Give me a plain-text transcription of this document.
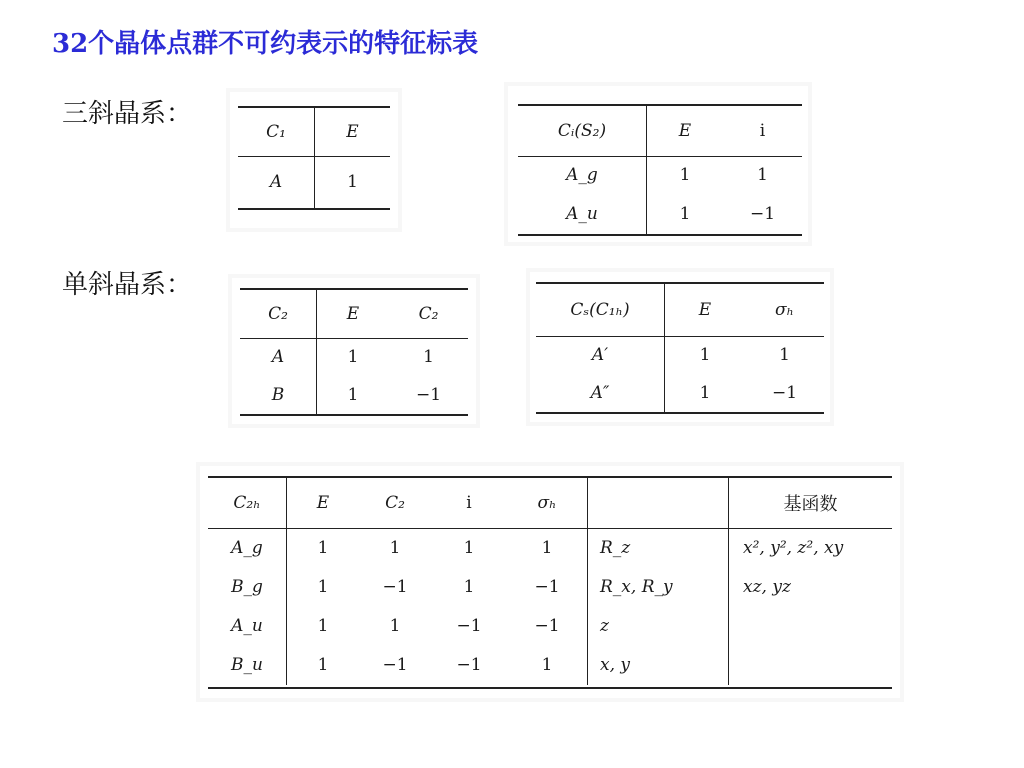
32个晶体点群不可约表示的特征标表
三斜晶系：
单斜晶系：
C₁	E
A	1
Cᵢ(S₂)	E	i
A_g	1	1
A_u	1	−1
C₂	E	C₂
A	1	1
B	1	−1
Cₛ(C₁ₕ)	E	σₕ
A′	1	1
A″	1	−1
C₂ₕ	E	C₂	i	σₕ		基函数
A_g	1	1	1	1	R_z	x², y², z², xy
B_g	1	−1	1	−1	R_x, R_y	xz, yz
A_u	1	1	−1	−1	z	
B_u	1	−1	−1	1	x, y	
